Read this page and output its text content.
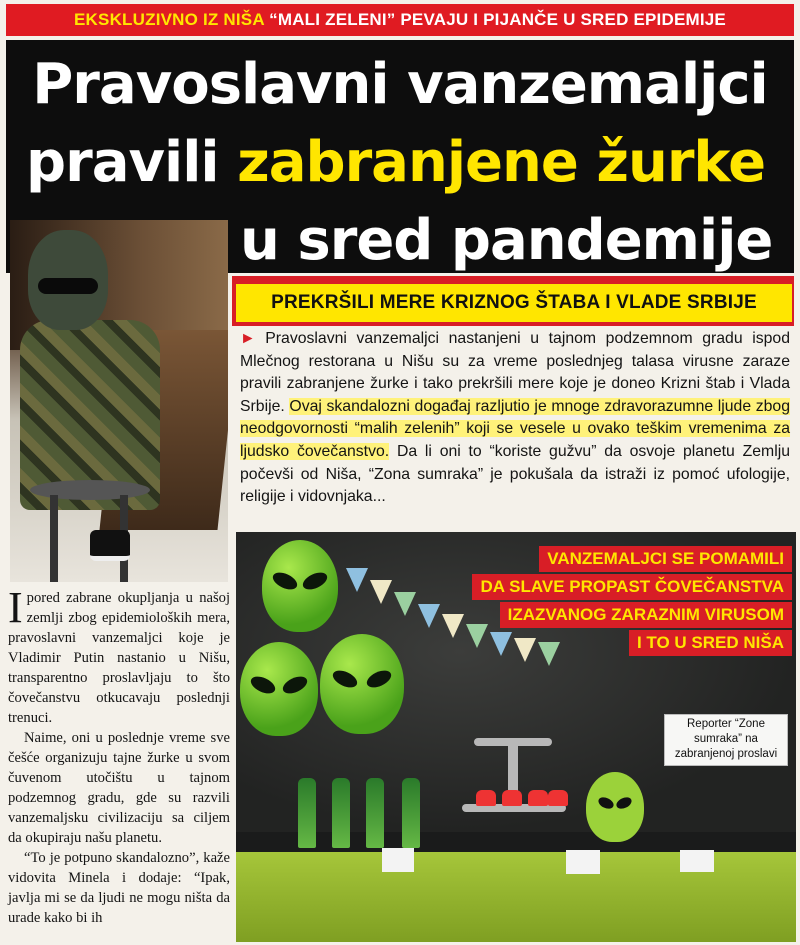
EKSKLUZIVNO IZ NIŠA “MALI ZELENI” PEVAJU I PIJANČE U SRED EPIDEMIJE
Pravoslavni vanzemaljci
pravili zabranjene žurke
u sred pandemije
PREKRŠILI MERE KRIZNOG ŠTABA I VLADE SRBIJE
► Pravoslavni vanzemaljci nastanjeni u tajnom podzemnom gradu ispod Mlečnog restorana u Nišu su za vreme poslednjeg talasa virusne zaraze pravili zabranjene žurke i tako prekršili mere koje je doneo Krizni štab i Vlada Srbije. Ovaj skandalozni događaj razljutio je mnoge zdravorazumne ljude zbog neodgovornosti “malih zelenih” koji se vesele u ovako teškim vremenima za ljudsko čovečanstvo. Da li oni to “koriste gužvu” da osvoje planetu Zemlju počevši od Niša, “Zona sumraka” je pokušala da istraži iz pomoć ufologije, religije i vidovnjaka...

Ipored zabrane okupljanja u našoj zemlji zbog epidemioloških mera, pravoslavni vanzemaljci koje je Vladimir Putin nastanio u Nišu, transparentno proslavljaju to što čovečanstvu otkucavaju poslednji trenuci.

Naime, oni u poslednje vreme sve češće organizuju tajne žurke u svom čuvenom utočištu u tajnom podzemnog gradu, gde su razvili vanzemaljsku civilizaciju sa ciljem da okupiraju našu planetu.

“To je potpuno skandalozno”, kaže vidovita Minela i dodaje: “Ipak, javlja mi se da ljudi ne mogu ništa da urade kako bi ih

VANZEMALJCI SE POMAMILI
DA SLAVE PROPAST ČOVEČANSTVA
IZAZVANOG ZARAZNIM VIRUSOM
I TO U SRED NIŠA
Reporter “Zone sumraka” na zabranjenoj proslavi
